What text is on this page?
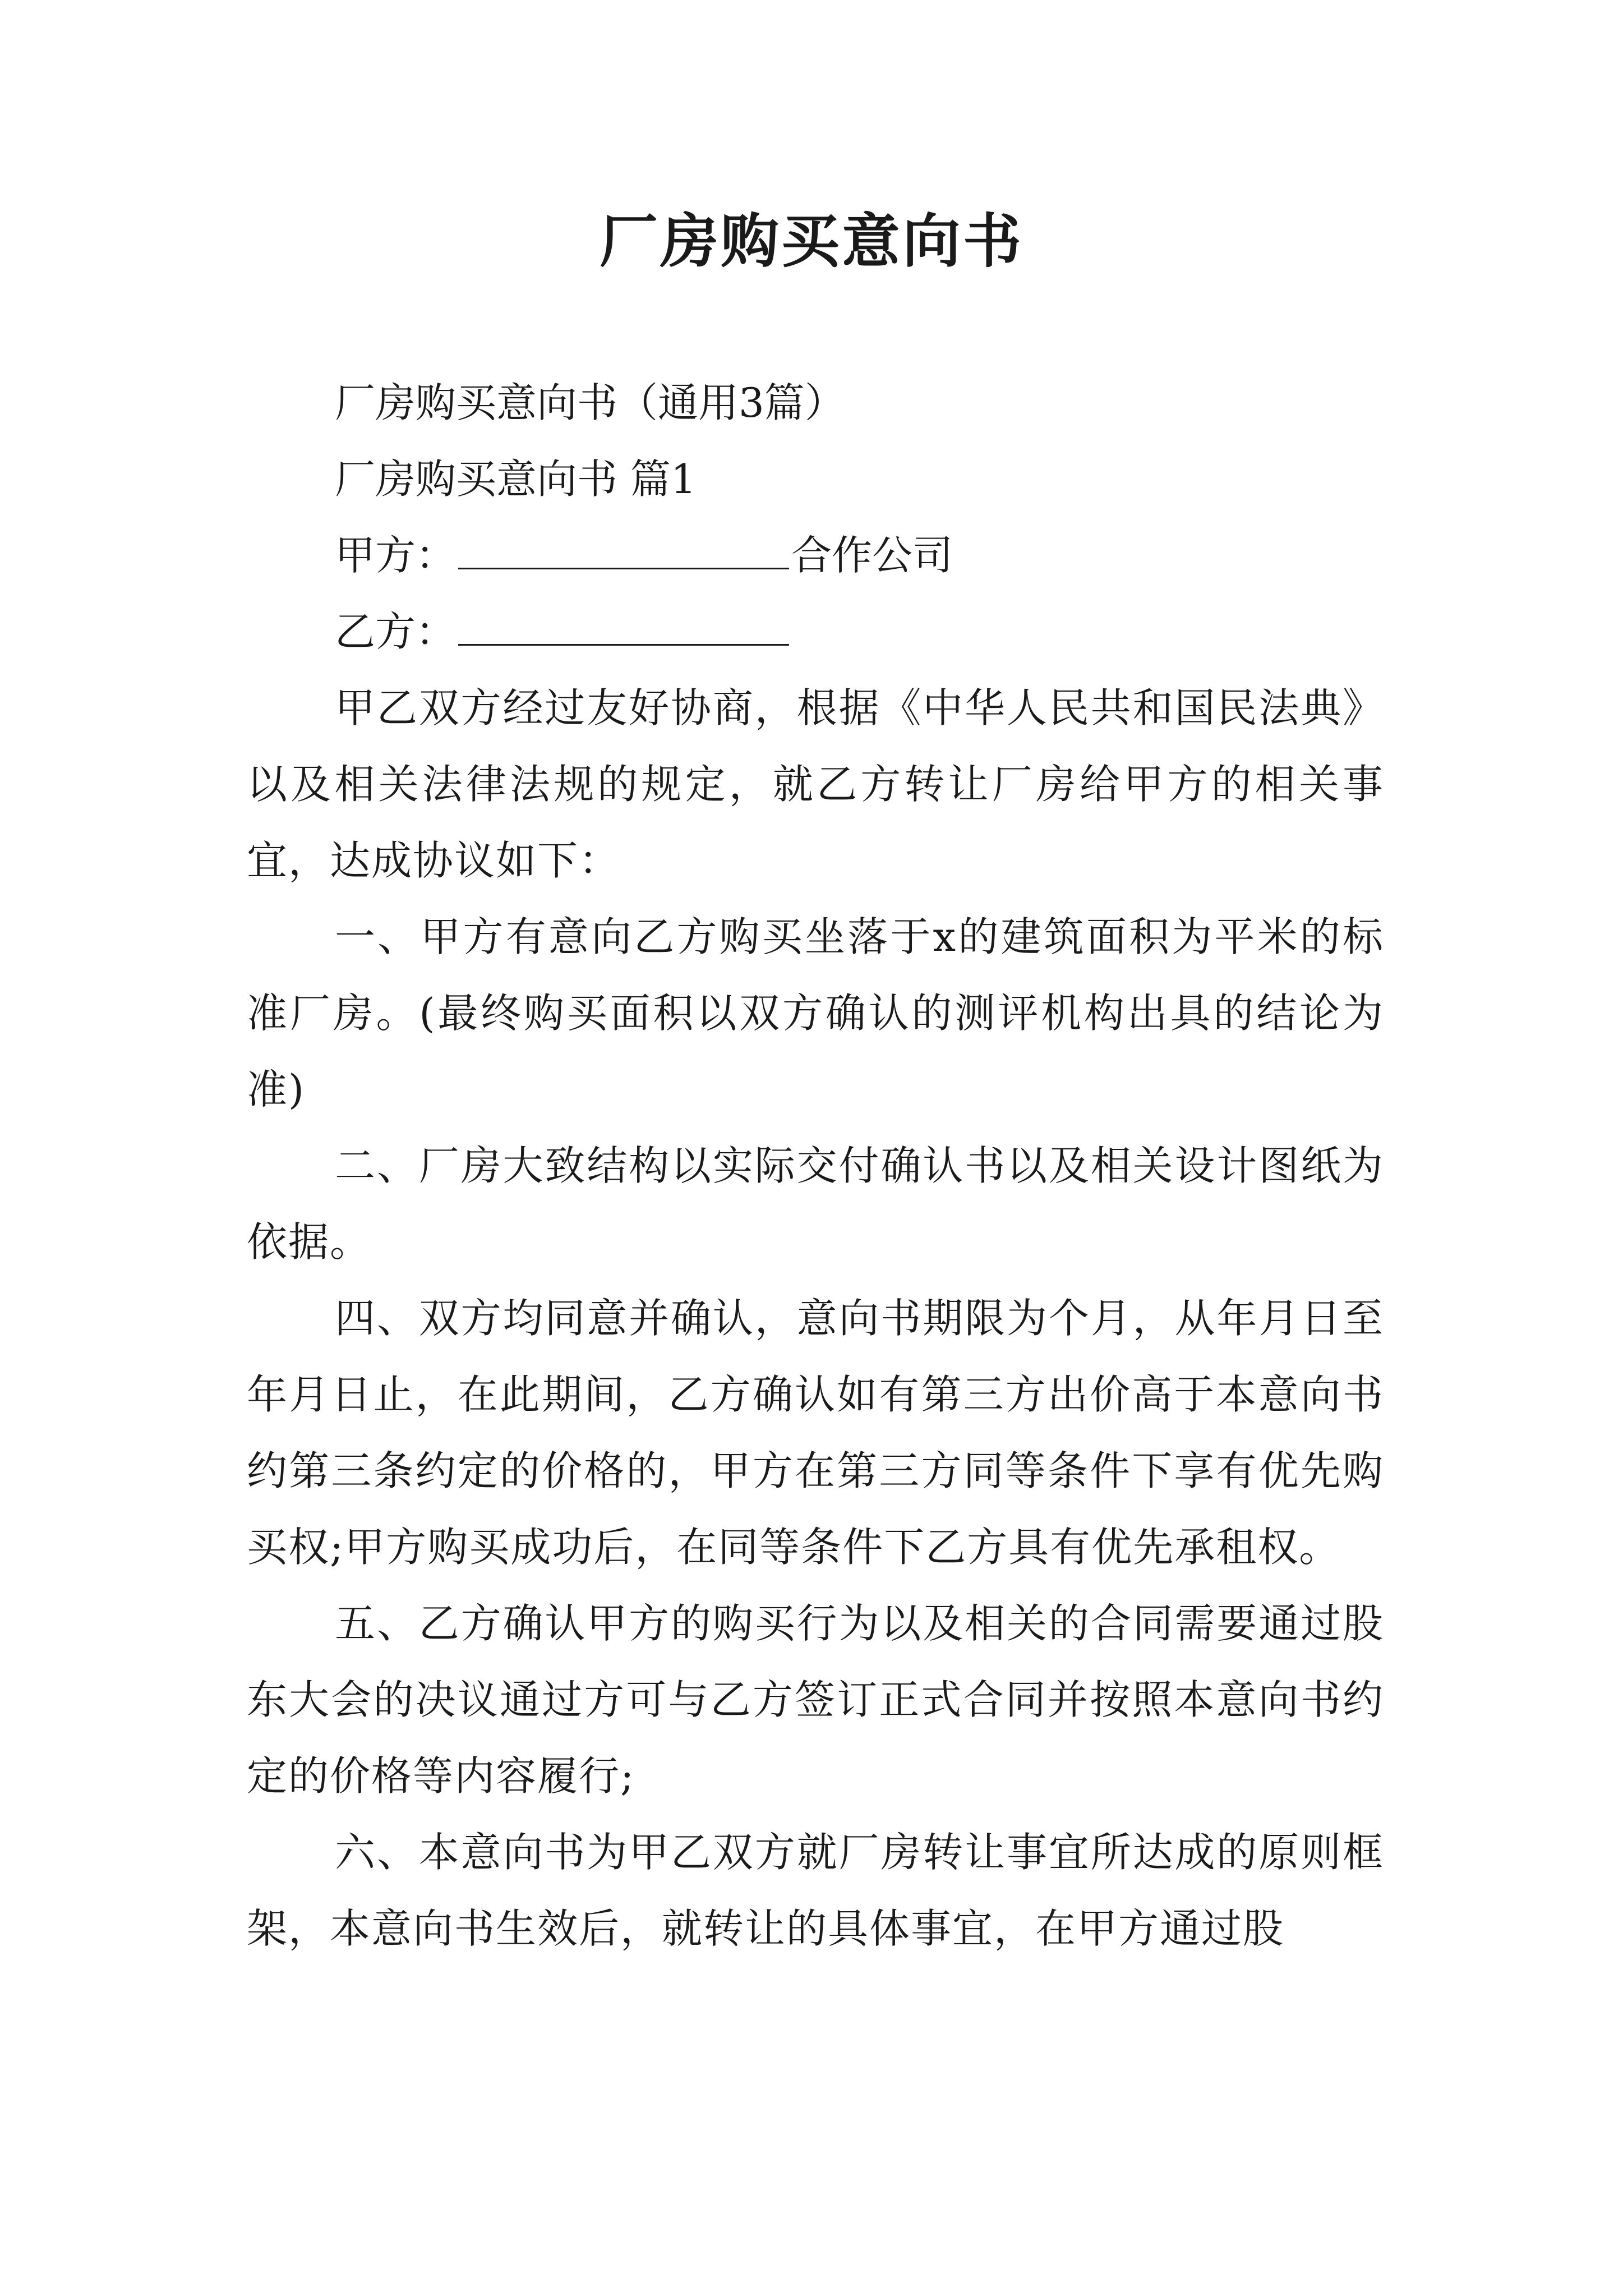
厂房购买意向书

厂房购买意向书（通用3篇）

厂房购买意向书 篇1

甲方：	合作公司

乙方：

甲乙双方经过友好协商，根据《中华人民共和国民法典》以及相关法律法规的规定，就乙方转让厂房给甲方的相关事宜，达成协议如下：

一、甲方有意向乙方购买坐落于x的建筑面积为平米的标准厂房。(最终购买面积以双方确认的测评机构出具的结论为准)

二、厂房大致结构以实际交付确认书以及相关设计图纸为依据。

四、双方均同意并确认，意向书期限为个月，从年月日至年月日止，在此期间，乙方确认如有第三方出价高于本意向书约第三条约定的价格的，甲方在第三方同等条件下享有优先购买权;甲方购买成功后，在同等条件下乙方具有优先承租权。

五、乙方确认甲方的购买行为以及相关的合同需要通过股东大会的决议通过方可与乙方签订正式合同并按照本意向书约定的价格等内容履行;

六、本意向书为甲乙双方就厂房转让事宜所达成的原则框架，本意向书生效后，就转让的具体事宜，在甲方通过股
